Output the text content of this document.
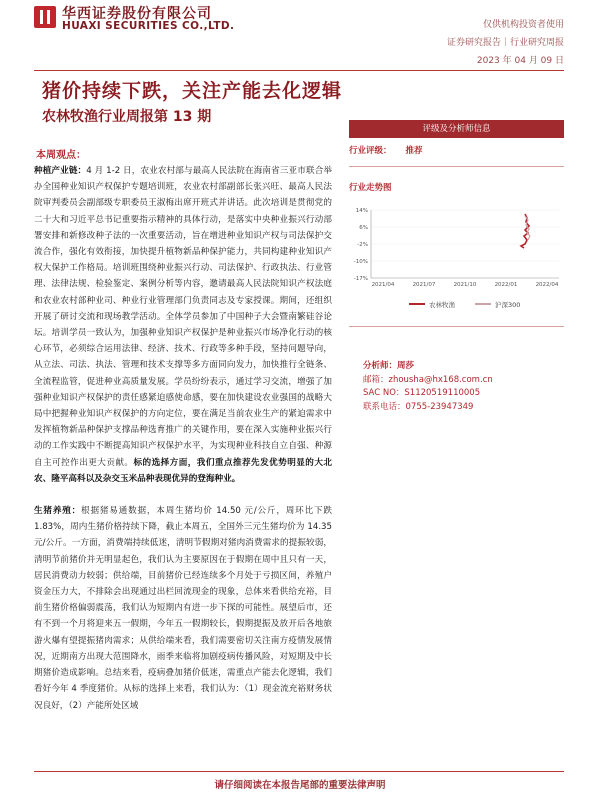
华西证券股份有限公司
HUAXI SECURITIES CO.,LTD.	仅供机构投资者使用
证券研究报告｜行业研究周报
2023 年 04 月 09 日
猪价持续下跌，关注产能去化逻辑
农林牧渔行业周报第 13 期
本周观点：

种植产业链：4 月 1-2 日，农业农村部与最高人民法院在海南省三亚市联合举办全国种业知识产权保护专题培训班，农业农村部副部长张兴旺、最高人民法院审判委员会副部级专职委员王淑梅出席开班式并讲话。此次培训是贯彻党的二十大和习近平总书记重要指示精神的具体行动，是落实中央种业振兴行动部署安排和新修改种子法的一次重要活动，旨在增进种业知识产权与司法保护交流合作，强化有效衔接，加快提升植物新品种保护能力，共同构建种业知识产权大保护工作格局。培训班围绕种业振兴行动、司法保护、行政执法、行业管理、法律法规、检验鉴定、案例分析等内容，邀请最高人民法院知识产权法庭和农业农村部种业司、种业行业管理部门负责同志及专家授课。期间，还组织开展了研讨交流和现场教学活动。全体学员参加了中国种子大会暨南繁硅谷论坛。培训学员一致认为，加强种业知识产权保护是种业振兴市场净化行动的核心环节，必须综合运用法律、经济、技术、行政等多种手段，坚持问题导向，从立法、司法、执法、管理和技术支撑等多方面同向发力，加快推行全链条、全流程监管，促进种业高质量发展。学员纷纷表示，通过学习交流，增强了加强种业知识产权保护的责任感紧迫感使命感，要在加快建设农业强国的战略大局中把握种业知识产权保护的方向定位，要在满足当前农业生产的紧迫需求中发挥植物新品种保护支撑品种选育推广的关键作用，要在深入实施种业振兴行动的工作实践中不断提高知识产权保护水平，为实现种业科技自立自强、种源自主可控作出更大贡献。标的选择方面，我们重点推荐先发优势明显的大北农、隆平高科以及杂交玉米品种表现优异的登海种业。

生猪养殖：根据猪易通数据，本周生猪均价 14.50 元/公斤，周环比下跌 1.83%，周内生猪价格持续下降，截止本周五，全国外三元生猪均价为 14.35 元/公斤。一方面，消费端持续低迷，清明节假期对猪肉消费需求的提振较弱，清明节前猪价并无明显起色，我们认为主要原因在于假期在周中且只有一天，居民消费动力较弱；供给端，目前猪价已经连续多个月处于亏损区间，养殖户资金压力大，不排除会出现通过出栏回流现金的现象，总体来看供给充裕，目前生猪价格偏弱震荡，我们认为短期内有进一步下探的可能性。展望后市，还有不到一个月将迎来五一假期，今年五一假期较长，假期提振及放开后各地旅游火爆有望提振猪肉需求；从供给端来看，我们需要密切关注南方疫情发展情况，近期南方出现大范围降水，雨季来临将加剧疫病传播风险，对短期及中长期猪价造成影响。总结来看，疫病叠加猪价低迷，需重点产能去化逻辑，我们看好今年 4 季度猪价。从标的选择上来看，我们认为：（1）现金流充裕财务状况良好，（2）产能所处区域

评级及分析师信息
行业评级： 推荐
行业走势图
14%
6%
-2%
-10%
-17%
2021/04	2021/07	2021/10	2022/01	2022/04
农林牧渔	沪深300
分析师：周莎
邮箱：zhousha@hx168.com.cn
SAC NO：S1120519110005
联系电话：0755-23947349
请仔细阅读在本报告尾部的重要法律声明
